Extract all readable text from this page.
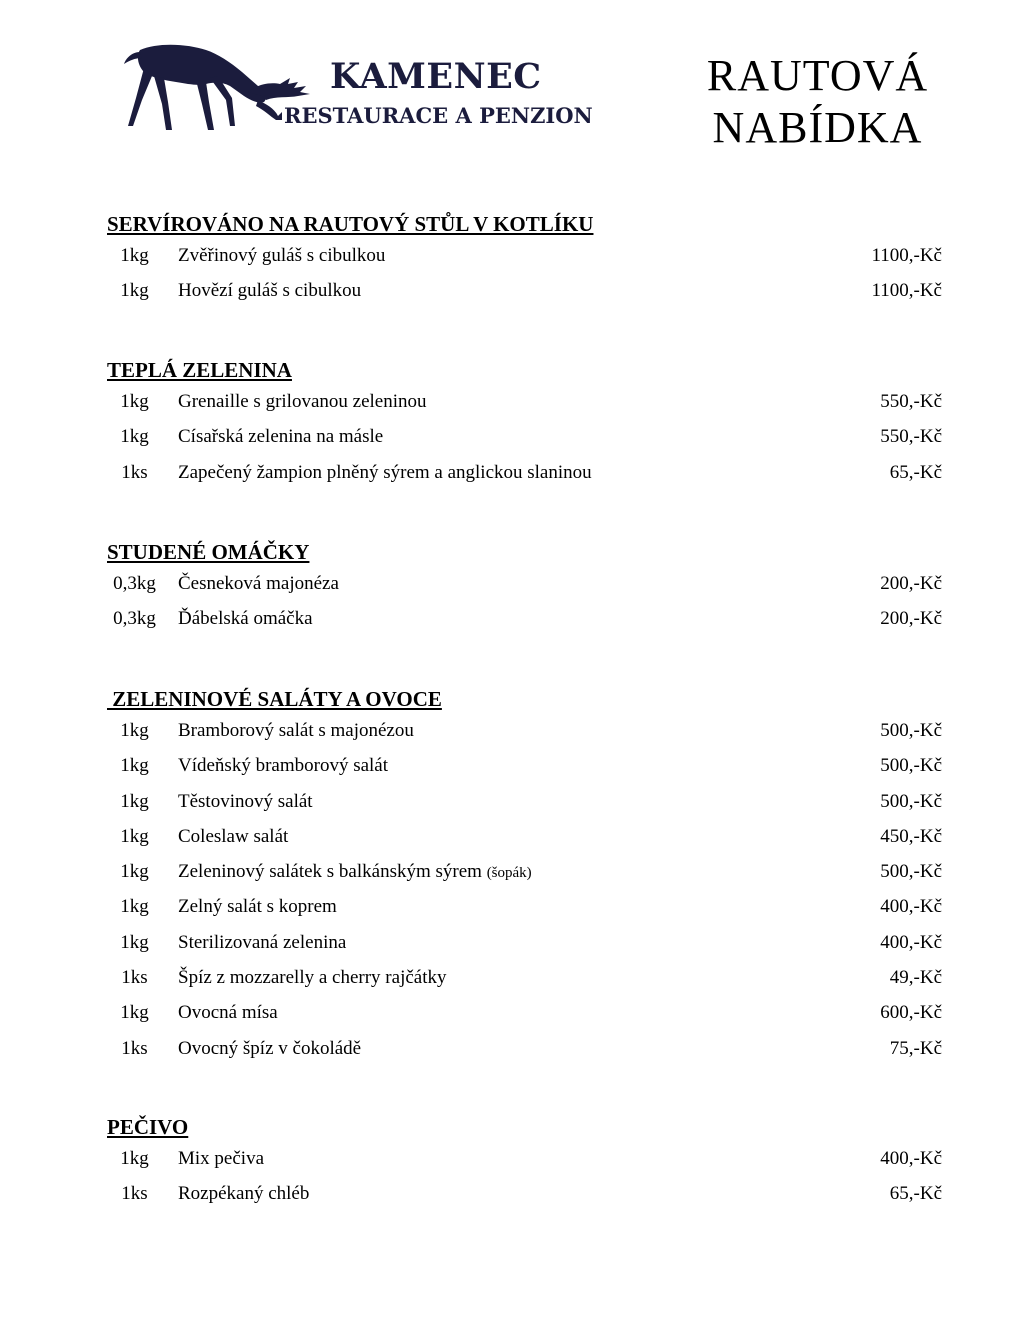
KAMENEC
RESTAURACE A PENZION
RAUTOVÁ
NABÍDKA
SERVÍROVÁNO NA RAUTOVÝ STŮL V KOTLÍKU
1kg	Zvěřinový guláš s cibulkou	1100,-Kč
1kg	Hovězí guláš s cibulkou	1100,-Kč
TEPLÁ ZELENINA
1kg	Grenaille s grilovanou zeleninou	550,-Kč
1kg	Císařská zelenina na másle	550,-Kč
1ks	Zapečený žampion plněný sýrem a anglickou slaninou	65,-Kč
STUDENÉ OMÁČKY
0,3kg	Česneková majonéza	200,-Kč
0,3kg	Ďábelská omáčka	200,-Kč
ZELENINOVÉ SALÁTY A OVOCE
1kg	Bramborový salát s majonézou	500,-Kč
1kg	Vídeňský bramborový salát	500,-Kč
1kg	Těstovinový salát	500,-Kč
1kg	Coleslaw salát	450,-Kč
1kg	Zeleninový salátek s balkánským sýrem (šopák)	500,-Kč
1kg	Zelný salát s koprem	400,-Kč
1kg	Sterilizovaná zelenina	400,-Kč
1ks	Špíz z mozzarelly a cherry rajčátky	49,-Kč
1kg	Ovocná mísa	600,-Kč
1ks	Ovocný špíz v čokoládě	75,-Kč
PEČIVO
1kg	Mix pečiva	400,-Kč
1ks	Rozpékaný chléb	65,-Kč
